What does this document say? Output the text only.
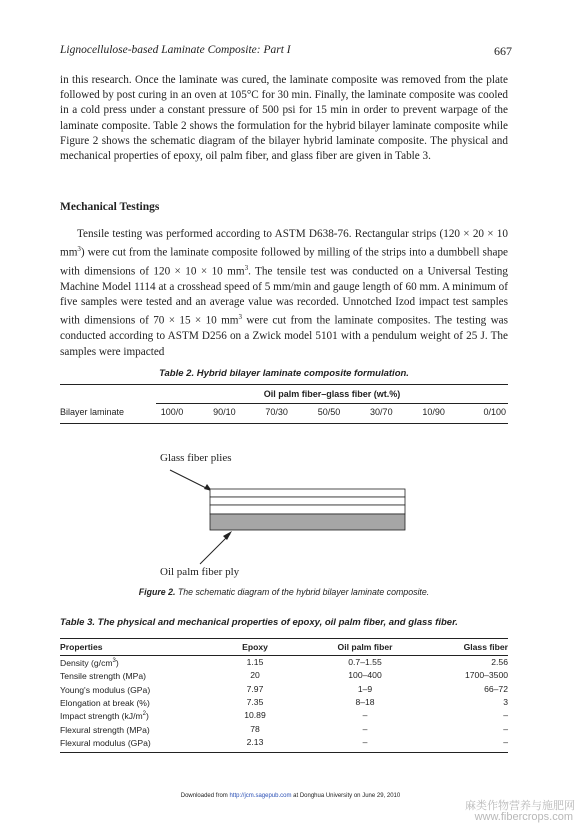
Lignocellulose-based Laminate Composite: Part I	667

in this research. Once the laminate was cured, the laminate composite was removed from the plate followed by post curing in an oven at 105°C for 30 min. Finally, the laminate composite was cooled in a cold press under a constant pressure of 500 psi for 15 min in order to prevent warpage of the laminate composite. Table 2 shows the formulation for the hybrid bilayer laminate composite while Figure 2 shows the schematic diagram of the bilayer hybrid laminate composite. The physical and mechanical properties of epoxy, oil palm fiber, and glass fiber are given in Table 3.

Mechanical Testings

Tensile testing was performed according to ASTM D638-76. Rectangular strips (120 × 20 × 10 $mm^3$) were cut from the laminate composite followed by milling of the strips into a dumbbell shape with dimensions of 120 × 10 × 10 $mm^3$. The tensile test was conducted on a Universal Testing Machine Model 1114 at a crosshead speed of 5 mm/min and gauge length of 60 mm. A minimum of five samples were tested and an average value was recorded. Unnotched Izod impact test samples with dimensions of 70 × 15 × 10 $mm^3$ were cut from the laminate composites. The testing was conducted according to ASTM D256 on a Zwick model 5101 with a pendulum weight of 25 J. The samples were impacted

Table 2. Hybrid bilayer laminate composite formulation.
Oil palm fiber–glass fiber (wt.%)
Bilayer laminate	100/0	90/10	70/30	50/50	30/70	10/90	0/100
Glass fiber plies
Oil palm fiber ply
Figure 2. The schematic diagram of the hybrid bilayer laminate composite.
Table 3. The physical and mechanical properties of epoxy, oil palm fiber, and glass fiber.
Properties	Epoxy	Oil palm fiber	Glass fiber
Density $(g/cm^3)$	1.15	0.7–1.55	2.56
Tensile strength (MPa)	20	100–400	1700–3500
Young's modulus (GPa)	7.97	1–9	66–72
Elongation at break (%)	7.35	8–18	3
Impact strength $(kJ/m^2)$	10.89	–	–
Flexural strength (MPa)	78	–	–
Flexural modulus (GPa)	2.13	–	–
Downloaded from http://jcm.sagepub.com at Donghua University on June 29, 2010
麻类作物营养与施肥网
www.fibercrops.com
